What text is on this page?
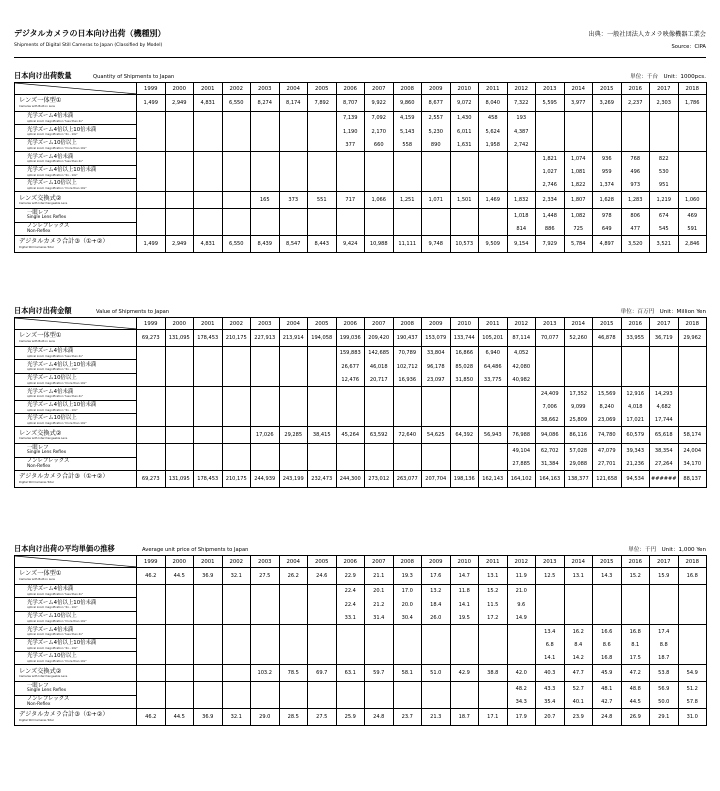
デジタルカメラの日本向け出荷（機種別）
Shipments of Digital Still Cameras to Japan (Classified by Model)
出典：一般社団法人カメラ映像機器工業会
Source：CIPA
日本向け出荷数量	Quantity of Shipments to Japan	単位：千台 Unit：1000pcs.
	1999	2000	2001	2002	2003	2004	2005	2006	2007	2008	2009	2010	2011	2012	2013	2014	2015	2016	2017	2018

レンズ一体型①
Cameras with Built-in Lens	1,499	2,949	4,831	6,550	8,274	8,174	7,892	8,707	9,922	9,860	8,677	9,072	8,040	7,322	5,595	3,977	3,269	2,237	2,303	1,786

光学ズーム4倍未満
optical zoom magnification "less than 4x"								7,139	7,092	4,159	2,557	1,430	458	193						

光学ズーム4倍以上10倍未満
optical zoom magnification "4x - 10x"								1,190	2,170	5,143	5,230	6,011	5,624	4,387						

光学ズーム10倍以上
optical zoom magnification "more than 10x"								377	660	558	890	1,631	1,958	2,742						

光学ズーム4倍未満
optical zoom magnification "less than 4x"															1,821	1,074	936	768	822	

光学ズーム4倍以上10倍未満
optical zoom magnification "4x - 10x"															1,027	1,081	959	496	530	

光学ズーム10倍以上
optical zoom magnification "more than 10x"															2,746	1,822	1,374	973	951	

レンズ交換式②
Cameras with Interchangeable Lens					165	373	551	717	1,066	1,251	1,071	1,501	1,469	1,832	2,334	1,807	1,628	1,283	1,219	1,060

一眼レフ
Single Lens Reflex														1,018	1,448	1,082	978	806	674	469

ノンレフレックス
Non-Reflex														814	886	725	649	477	545	591

デジタルカメラ合計③（①+②）
Digital Still Cameras Total	1,499	2,949	4,831	6,550	8,439	8,547	8,443	9,424	10,988	11,111	9,748	10,573	9,509	9,154	7,929	5,784	4,897	3,520	3,521	2,846
日本向け出荷金額	Value of Shipments to Japan	単位：百万円 Unit：Million Yen
	1999	2000	2001	2002	2003	2004	2005	2006	2007	2008	2009	2010	2011	2012	2013	2014	2015	2016	2017	2018

レンズ一体型①
Cameras with Built-in Lens	69,273	131,095	178,453	210,175	227,913	213,914	194,058	199,036	209,420	190,437	153,079	133,744	105,201	87,114	70,077	52,260	46,878	33,955	36,719	29,962

光学ズーム4倍未満
optical zoom magnification "less than 4x"								159,883	142,685	70,789	33,804	16,866	6,940	4,052						

光学ズーム4倍以上10倍未満
optical zoom magnification "4x - 10x"								26,677	46,018	102,712	96,178	85,028	64,486	42,080						

光学ズーム10倍以上
optical zoom magnification "more than 10x"								12,476	20,717	16,936	23,097	31,850	33,775	40,982						

光学ズーム4倍未満
optical zoom magnification "less than 4x"															24,409	17,352	15,569	12,916	14,293	

光学ズーム4倍以上10倍未満
optical zoom magnification "4x - 10x"															7,006	9,099	8,240	4,018	4,682	

光学ズーム10倍以上
optical zoom magnification "more than 10x"															38,662	25,809	23,069	17,021	17,744	

レンズ交換式②
Cameras with Interchangeable Lens					17,026	29,285	38,415	45,264	63,592	72,640	54,625	64,392	56,943	76,988	94,086	86,116	74,780	60,579	65,618	58,174

一眼レフ
Single Lens Reflex														49,104	62,702	57,028	47,079	39,343	38,354	24,004

ノンレフレックス
Non-Reflex														27,885	31,384	29,088	27,701	21,236	27,264	34,170

デジタルカメラ合計③（①+②）
Digital Still Cameras Total	69,273	131,095	178,453	210,175	244,939	243,199	232,473	244,300	273,012	263,077	207,704	198,136	162,143	164,102	164,163	138,377	121,658	94,534	######	88,137
日本向け出荷の平均単価の推移	Average unit price of Shipments to Japan	単位：千円 Unit：1,000 Yen
	1999	2000	2001	2002	2003	2004	2005	2006	2007	2008	2009	2010	2011	2012	2013	2014	2015	2016	2017	2018

レンズ一体型①
Cameras with Built-in Lens	46.2	44.5	36.9	32.1	27.5	26.2	24.6	22.9	21.1	19.3	17.6	14.7	13.1	11.9	12.5	13.1	14.3	15.2	15.9	16.8

光学ズーム4倍未満
optical zoom magnification "less than 4x"								22.4	20.1	17.0	13.2	11.8	15.2	21.0						

光学ズーム4倍以上10倍未満
optical zoom magnification "4x - 10x"								22.4	21.2	20.0	18.4	14.1	11.5	9.6						

光学ズーム10倍以上
optical zoom magnification "more than 10x"								33.1	31.4	30.4	26.0	19.5	17.2	14.9						

光学ズーム4倍未満
optical zoom magnification "less than 4x"															13.4	16.2	16.6	16.8	17.4	

光学ズーム4倍以上10倍未満
optical zoom magnification "4x - 10x"															6.8	8.4	8.6	8.1	8.8	

光学ズーム10倍以上
optical zoom magnification "more than 10x"															14.1	14.2	16.8	17.5	18.7	

レンズ交換式②
Cameras with Interchangeable Lens					103.2	78.5	69.7	63.1	59.7	58.1	51.0	42.9	38.8	42.0	40.3	47.7	45.9	47.2	53.8	54.9

一眼レフ
Single Lens Reflex														48.2	43.3	52.7	48.1	48.8	56.9	51.2

ノンレフレックス
Non-Reflex														34.3	35.4	40.1	42.7	44.5	50.0	57.8

デジタルカメラ合計③（①+②）
Digital Still Cameras Total	46.2	44.5	36.9	32.1	29.0	28.5	27.5	25.9	24.8	23.7	21.3	18.7	17.1	17.9	20.7	23.9	24.8	26.9	29.1	31.0
